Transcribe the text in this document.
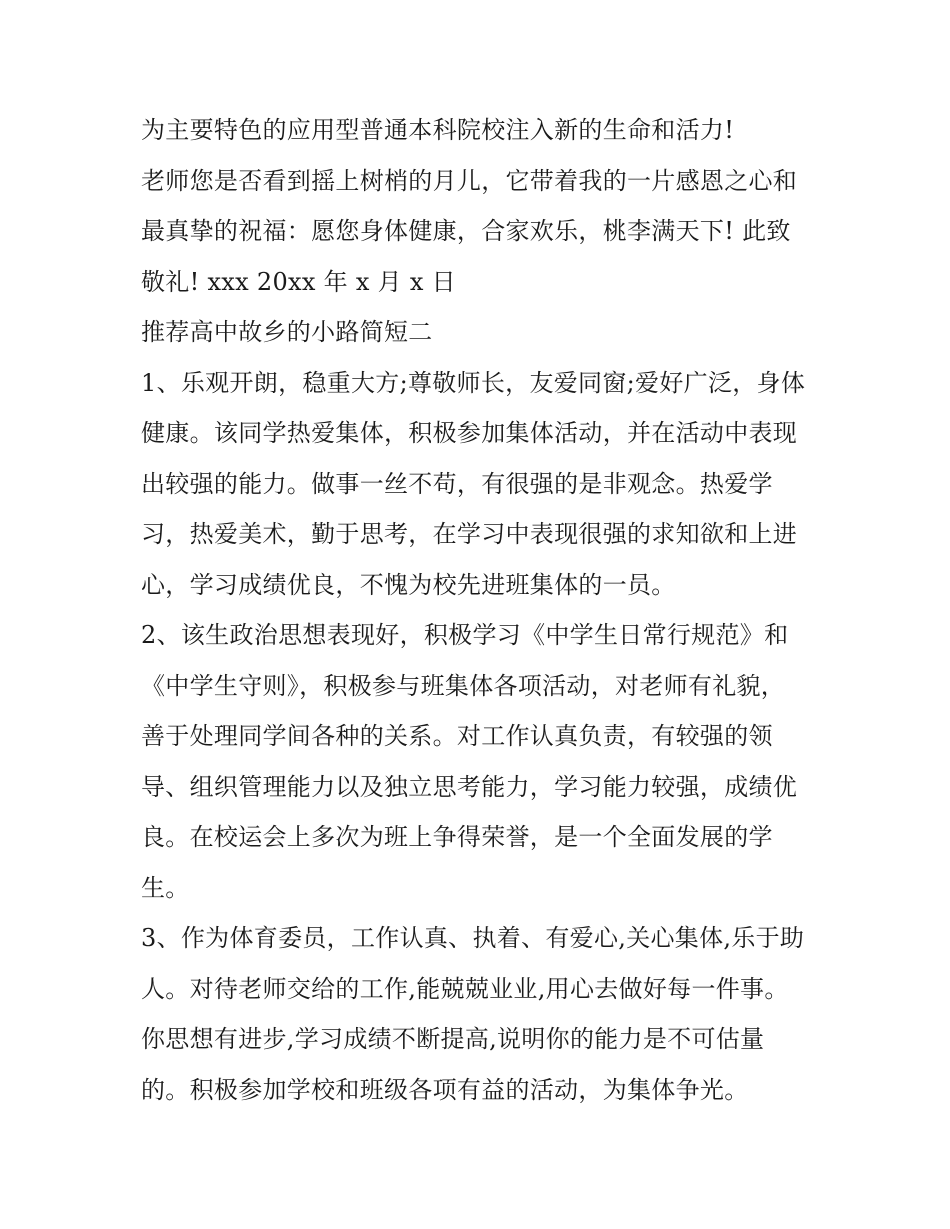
为主要特色的应用型普通本科院校注入新的生命和活力!
老师您是否看到摇上树梢的月儿，它带着我的一片感恩之心和
最真挚的祝福：愿您身体健康，合家欢乐，桃李满天下! 此致
敬礼! xxx 20xx 年 x 月 x 日
推荐高中故乡的小路简短二
1、乐观开朗，稳重大方;尊敬师长，友爱同窗;爱好广泛，身体
健康。该同学热爱集体，积极参加集体活动，并在活动中表现
出较强的能力。做事一丝不苟，有很强的是非观念。热爱学
习，热爱美术，勤于思考，在学习中表现很强的求知欲和上进
心，学习成绩优良，不愧为校先进班集体的一员。
2、该生政治思想表现好，积极学习《中学生日常行规范》和
《中学生守则》，积极参与班集体各项活动，对老师有礼貌，
善于处理同学间各种的关系。对工作认真负责，有较强的领
导、组织管理能力以及独立思考能力，学习能力较强，成绩优
良。在校运会上多次为班上争得荣誉，是一个全面发展的学
生。
3、作为体育委员，工作认真、执着、有爱心,关心集体,乐于助
人。对待老师交给的工作,能兢兢业业,用心去做好每一件事。
你思想有进步,学习成绩不断提高,说明你的能力是不可估量
的。积极参加学校和班级各项有益的活动，为集体争光。
